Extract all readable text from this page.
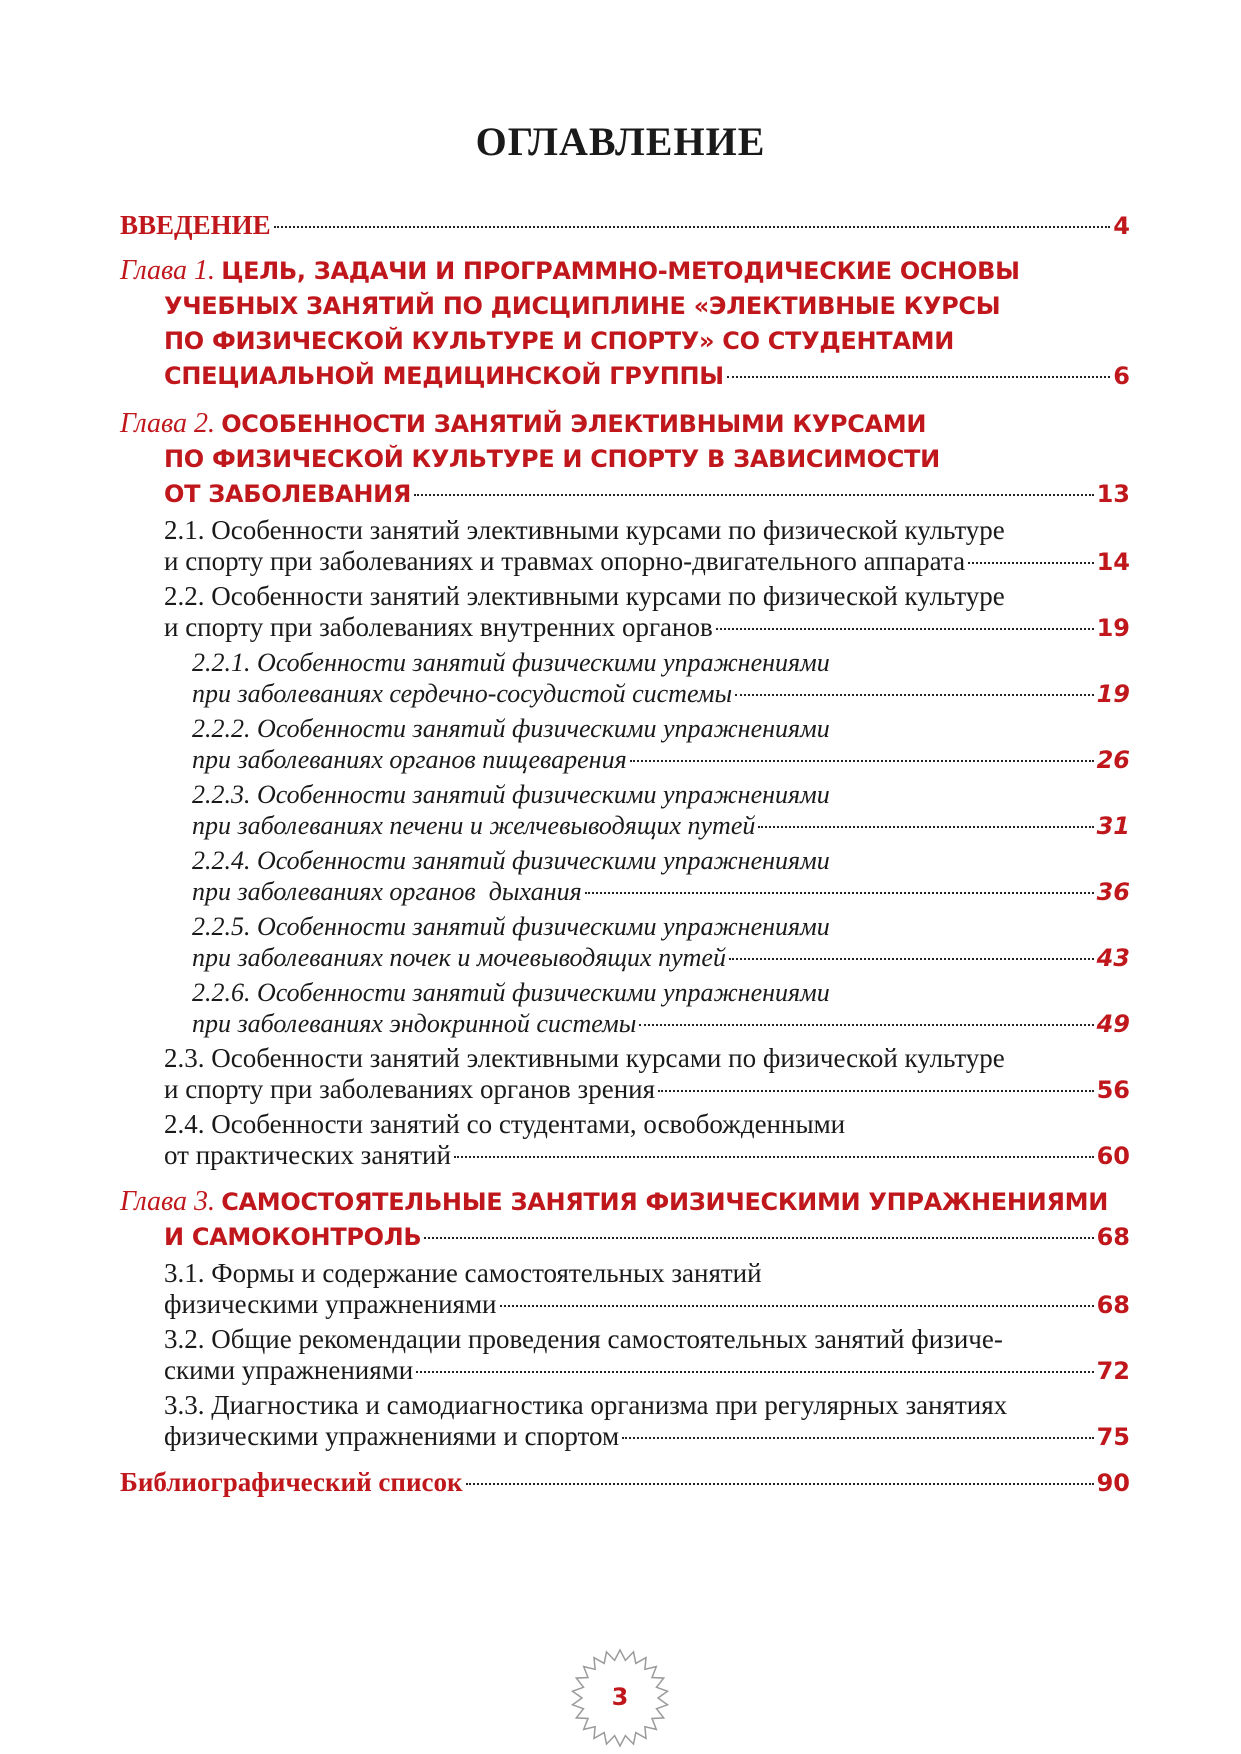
ОГЛАВЛЕНИЕ
ВВЕДЕНИЕ	4
Глава 1. ЦЕЛЬ, ЗАДАЧИ И ПРОГРАММНО-МЕТОДИЧЕСКИЕ ОСНОВЫ
УЧЕБНЫХ ЗАНЯТИЙ ПО ДИСЦИПЛИНЕ «ЭЛЕКТИВНЫЕ КУРСЫ
ПО ФИЗИЧЕСКОЙ КУЛЬТУРЕ И СПОРТУ» СО СТУДЕНТАМИ
СПЕЦИАЛЬНОЙ МЕДИЦИНСКОЙ ГРУППЫ	6
Глава 2. ОСОБЕННОСТИ ЗАНЯТИЙ ЭЛЕКТИВНЫМИ КУРСАМИ
ПО ФИЗИЧЕСКОЙ КУЛЬТУРЕ И СПОРТУ В ЗАВИСИМОСТИ
ОТ ЗАБОЛЕВАНИЯ	13
2.1. Особенности занятий элективными курсами по физической культуре
и спорту при заболеваниях и травмах опорно-двигательного аппарата	14
2.2. Особенности занятий элективными курсами по физической культуре
и спорту при заболеваниях внутренних органов	19
2.2.1. Особенности занятий физическими упражнениями
при заболеваниях сердечно-сосудистой системы	19
2.2.2. Особенности занятий физическими упражнениями
при заболеваниях органов пищеварения	26
2.2.3. Особенности занятий физическими упражнениями
при заболеваниях печени и желчевыводящих путей	31
2.2.4. Особенности занятий физическими упражнениями
при заболеваниях органов  дыхания	36
2.2.5. Особенности занятий физическими упражнениями
при заболеваниях почек и мочевыводящих путей	43
2.2.6. Особенности занятий физическими упражнениями
при заболеваниях эндокринной системы	49
2.3. Особенности занятий элективными курсами по физической культуре
и спорту при заболеваниях органов зрения	56
2.4. Особенности занятий со студентами, освобожденными
от практических занятий	60
Глава 3. САМОСТОЯТЕЛЬНЫЕ ЗАНЯТИЯ ФИЗИЧЕСКИМИ УПРАЖНЕНИЯМИ
И САМОКОНТРОЛЬ	68
3.1. Формы и содержание самостоятельных занятий
физическими упражнениями	68
3.2. Общие рекомендации проведения самостоятельных занятий физиче-
скими упражнениями	72
3.3. Диагностика и самодиагностика организма при регулярных занятиях
физическими упражнениями и спортом	75
Библиографический список	90
3
